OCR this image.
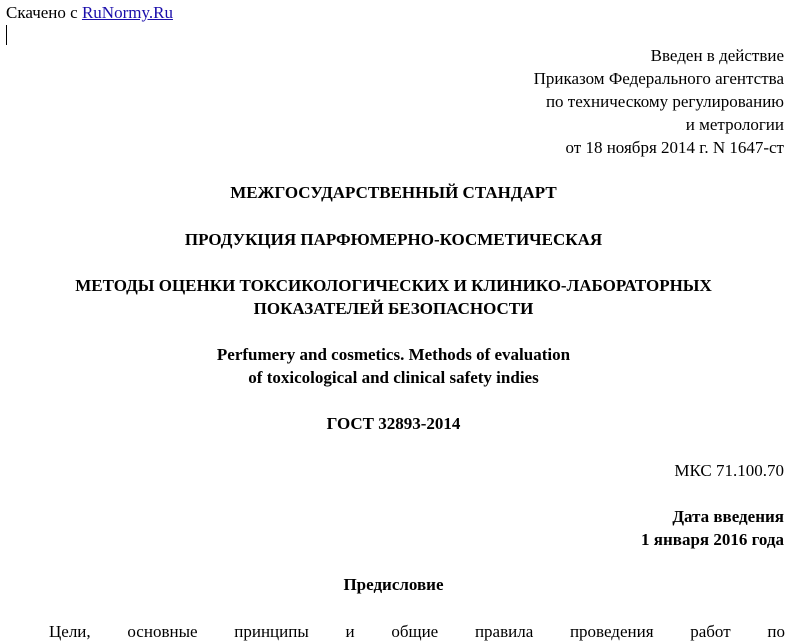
Скачено с RuNormy.Ru
Введен в действие
Приказом Федерального агентства
по техническому регулированию
и метрологии
от 18 ноября 2014 г. N 1647-ст
МЕЖГОСУДАРСТВЕННЫЙ СТАНДАРТ
ПРОДУКЦИЯ ПАРФЮМЕРНО-КОСМЕТИЧЕСКАЯ
МЕТОДЫ ОЦЕНКИ ТОКСИКОЛОГИЧЕСКИХ И КЛИНИКО-ЛАБОРАТОРНЫХ
ПОКАЗАТЕЛЕЙ БЕЗОПАСНОСТИ
Perfumery and cosmetics. Methods of evaluation
of toxicological and clinical safety indies
ГОСТ 32893-2014
МКС 71.100.70
Дата введения
1 января 2016 года
Предисловие
Цели, основные принципы и общие правила проведения работ по
